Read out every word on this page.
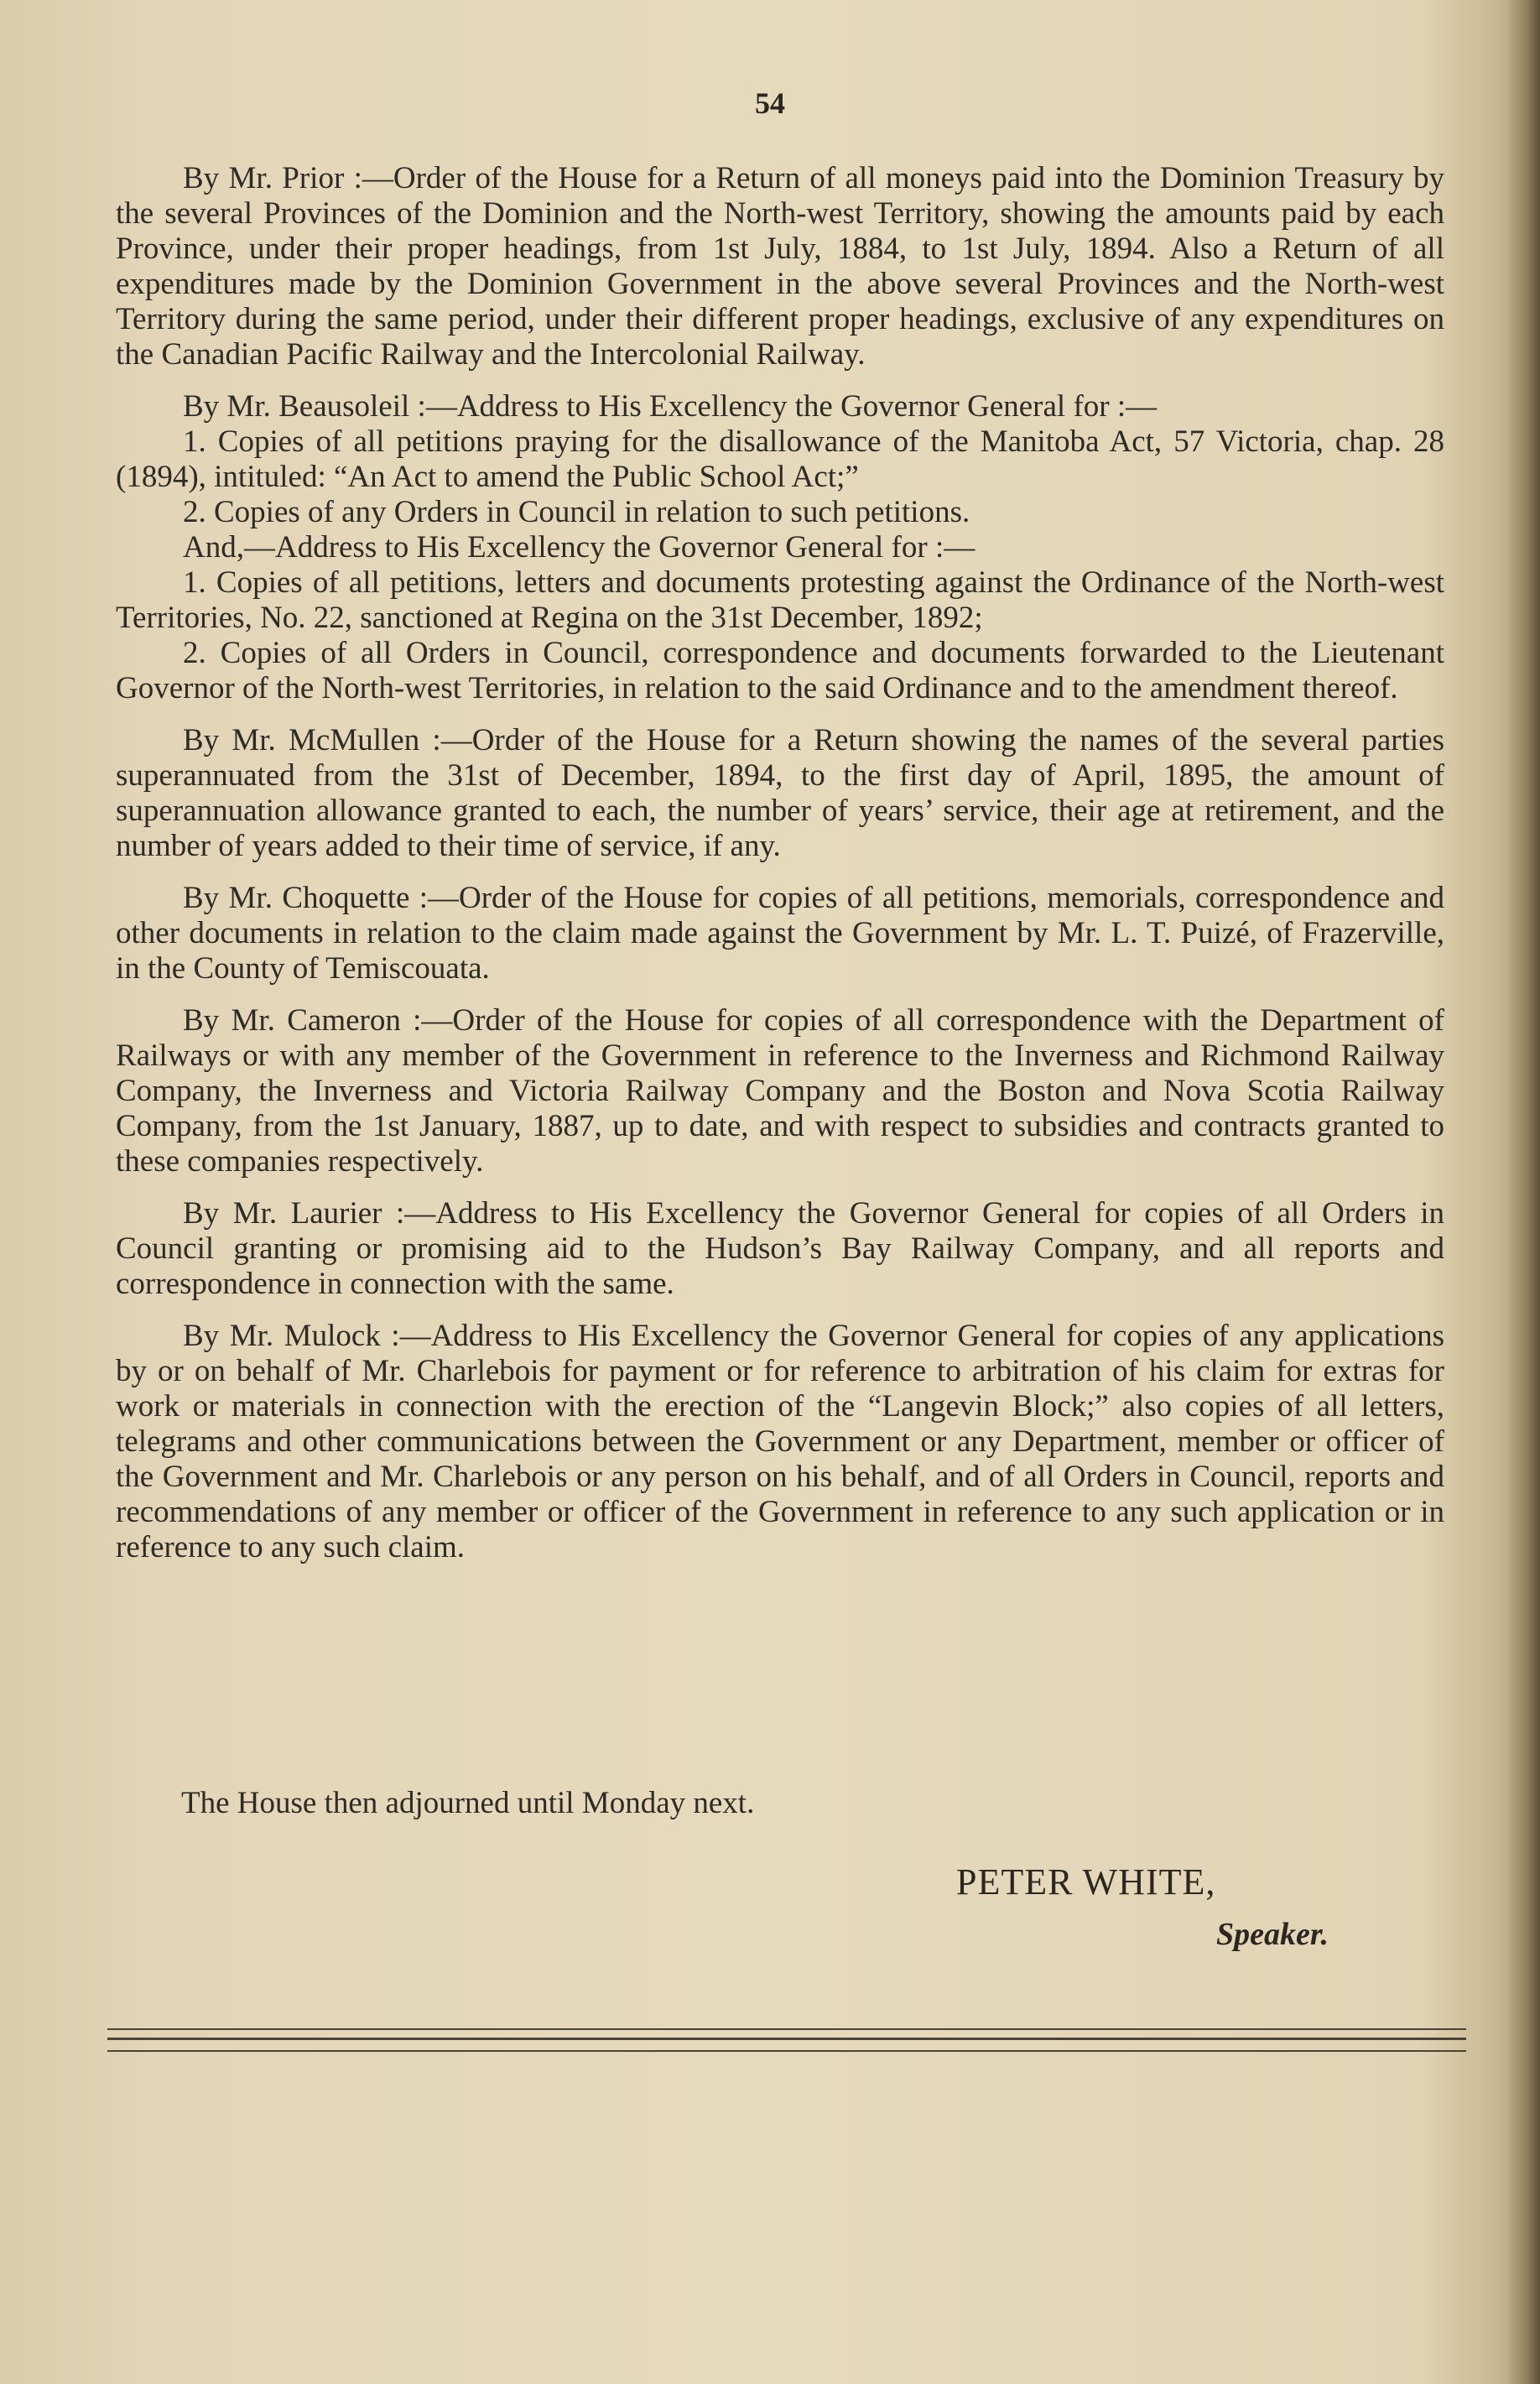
54

By Mr. Prior :—Order of the House for a Return of all moneys paid into the Dominion Treasury by the several Provinces of the Dominion and the North-west Territory, showing the amounts paid by each Province, under their proper headings, from 1st July, 1884, to 1st July, 1894. Also a Return of all expenditures made by the Dominion Government in the above several Provinces and the North-west Territory during the same period, under their different proper headings, exclusive of any expenditures on the Canadian Pacific Railway and the Intercolonial Railway.

By Mr. Beausoleil :—Address to His Excellency the Governor General for :—

1. Copies of all petitions praying for the disallowance of the Manitoba Act, 57 Victoria, chap. 28 (1894), intituled: “An Act to amend the Public School Act;”

2. Copies of any Orders in Council in relation to such petitions.

And,—Address to His Excellency the Governor General for :—

1. Copies of all petitions, letters and documents protesting against the Ordinance of the North-west Territories, No. 22, sanctioned at Regina on the 31st December, 1892;

2. Copies of all Orders in Council, correspondence and documents forwarded to the Lieutenant Governor of the North-west Territories, in relation to the said Ordinance and to the amendment thereof.

By Mr. McMullen :—Order of the House for a Return showing the names of the several parties superannuated from the 31st of December, 1894, to the first day of April, 1895, the amount of superannuation allowance granted to each, the number of years’ service, their age at retirement, and the number of years added to their time of service, if any.

By Mr. Choquette :—Order of the House for copies of all petitions, memorials, correspondence and other documents in relation to the claim made against the Government by Mr. L. T. Puizé, of Frazerville, in the County of Temiscouata.

By Mr. Cameron :—Order of the House for copies of all correspondence with the Department of Railways or with any member of the Government in reference to the Inverness and Richmond Railway Company, the Inverness and Victoria Railway Company and the Boston and Nova Scotia Railway Company, from the 1st January, 1887, up to date, and with respect to subsidies and contracts granted to these companies respectively.

By Mr. Laurier :—Address to His Excellency the Governor General for copies of all Orders in Council granting or promising aid to the Hudson’s Bay Railway Company, and all reports and correspondence in connection with the same.

By Mr. Mulock :—Address to His Excellency the Governor General for copies of any applications by or on behalf of Mr. Charlebois for payment or for reference to arbitration of his claim for extras for work or materials in connection with the erection of the “Langevin Block;” also copies of all letters, telegrams and other communications between the Government or any Department, member or officer of the Government and Mr. Charlebois or any person on his behalf, and of all Orders in Council, reports and recommendations of any member or officer of the Government in reference to any such application or in reference to any such claim.

The House then adjourned until Monday next.
PETER WHITE,
Speaker.
